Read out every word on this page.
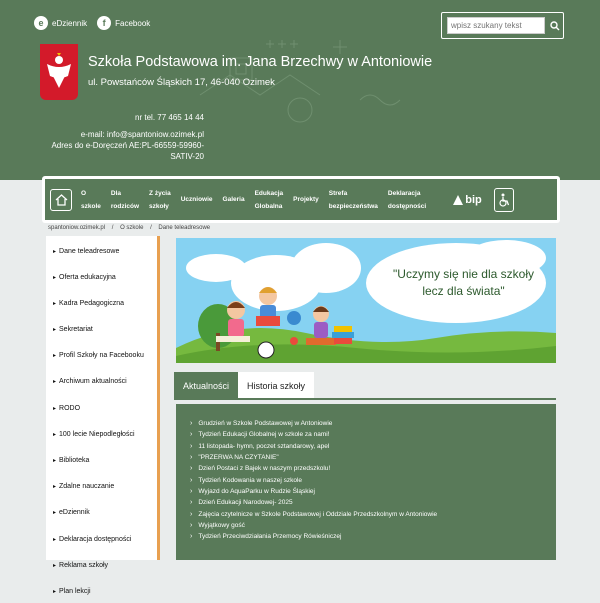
e	eDziennik	f	Facebook
wpisz szukany tekst
Szkoła Podstawowa im. Jana Brzechwy w Antoniowie
ul. Powstańców Śląskich 17, 46-040 Ozimek
nr tel. 77 465 14 44
e-mail: info@spantoniow.ozimek.pl
Adres do e-Doręczeń AE:PL-66559-59960-
SATIV-20
O
szkole
Dla
rodziców
Z życia
szkoły
Uczniowie Galeria
Edukacja
Globalna
Projekty
Strefa
bezpieczeństwa
Deklaracja
dostępności
bip
spantoniow.ozimek.pl / O szkole / Dane teleadresowe
▸ Dane teleadresowe
▸ Oferta edukacyjna
▸ Kadra Pedagogiczna
▸ Sekretariat
▸ Profil Szkoły na Facebooku
▸ Archiwum aktualności
▸ RODO
▸ 100 lecie Niepodległości
▸ Biblioteka
▸ Zdalne nauczanie
▸ eDziennik
▸ Deklaracja dostępności
▸ Reklama szkoły
▸ Plan lekcji
"Uczymy się nie dla szkoły
lecz dla świata"
Aktualności	Historia szkoły
› Grudzień w Szkole Podstawowej w Antoniowie
› Tydzień Edukacji Globalnej w szkole za nami!
› 11 listopada- hymn, poczet sztandarowy, apel
› "PRZERWA NA CZYTANIE"
› Dzień Postaci z Bajek w naszym przedszkolu!
› Tydzień Kodowania w naszej szkole
› Wyjazd do AquaParku w Rudzie Śląskiej
› Dzień Edukacji Narodowej- 2025
› Zajęcia czytelnicze w Szkole Podstawowej i Oddziale Przedszkolnym w Antoniowie
› Wyjątkowy gość
› Tydzień Przeciwdziałania Przemocy Rówieśniczej
